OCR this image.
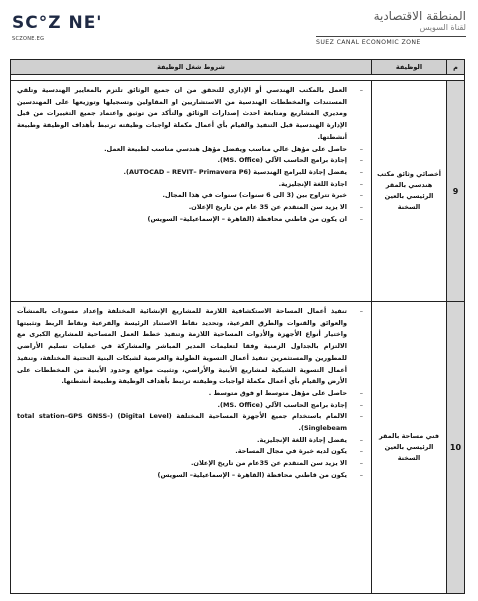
SC°Z NE'
SCZONE.EG
المنطقة الاقتصادية
لقناة السويس
SUEZ CANAL ECONOMIC ZONE
م
الوظيفة
شروط شغل الوظيفة
9
أخصائي وثائق مكتب هندسي بالمقر الرئيسي بالعين السخنة
– العمل بالمكتب الهندسي أو الإداري للتحقق من ان جميع الوثائق تلتزم بالمعايير الهندسية وتلقي المستندات والمخططات الهندسية من الاستشاريين او المقاولين وتسجيلها وتوزيعها على المهندسين ومديري المشاريع ومتابعة احدث إصدارات الوثائق والتأكد من توثيق واعتماد جميع التغييرات من قبل الإدارة الهندسية قبل التنفيذ والقيام بأي أعمال مكملة لواجبات وظيفته ترتبط بأهداف الوظيفة وطبيعة أنشطتها.
– حاصل على مؤهل عالي مناسب ويفضل مؤهل هندسي مناسب لطبيعة العمل.
– إجادة برامج الحاسب الآلي (MS. Office).
– يفضل إجادة للبرامج الهندسية (AUTOCAD – REVIT– Primavera P6).
– اجادة اللغة الإنجليزية.
– خبرة تتراوح بين (3 الى 6 سنوات) سنوات في هذا المجال.
– الا يزيد سن المتقدم عن 35 عام من تاريخ الإعلان.
– ان يكون من قاطني محافظة (القاهرة – الإسماعيلية– السويس)
10
فني مساحة بالمقر الرئيسي بالعين السخنة
– تنفيذ أعمال المساحة الاستكشافية اللازمة للمشاريع الإنشائية المختلفة وإعداد مسودات بالمنشآت والعوائق والقنوات والطرق الفرعية، وتحديد نقاط الاستناد الرئيسة والفرعية ونقاط الربط وتثبيتها واختيار أنواع الأجهزة والأدوات المساحية اللازمة وتنفيذ خطط العمل المساحية للمشاريع الكبرى مع الالتزام بالجداول الزمنية وفقا لتعليمات المدير المباشر والمشاركة في عمليات تسليم الأراضي للمطورين والمستثمرين تنفيذ أعمال التسوية الطولية والعرضية لشبكات البنية التحتية المختلفة، وتنفيذ أعمال التسوية الشبكية لمشاريع الأبنية والأراضي، وتثبيت مواقع وحدود الأبنية من المخططات على الأرض والقيام بأي أعمال مكملة لواجبات وظيفته ترتبط بأهداف الوظيفة وطبيعة أنشطتها.
– حاصل على مؤهل متوسط او فوق متوسط .
– إجادة برامج الحاسب الآلي (MS. Office).
– الالمام باستخدام جميع الأجهزة المساحية المختلفة (Digital Level) (total station–GPS GNSS-Singlebeam).
– يفضل إجادة اللغة الإنجليزية.
– يكون لديه خبرة في مجال المساحة.
– الا يزيد سن المتقدم عن 35عام من تاريخ الإعلان.
– يكون من قاطني محافظة (القاهرة – الإسماعيلية– السويس)
